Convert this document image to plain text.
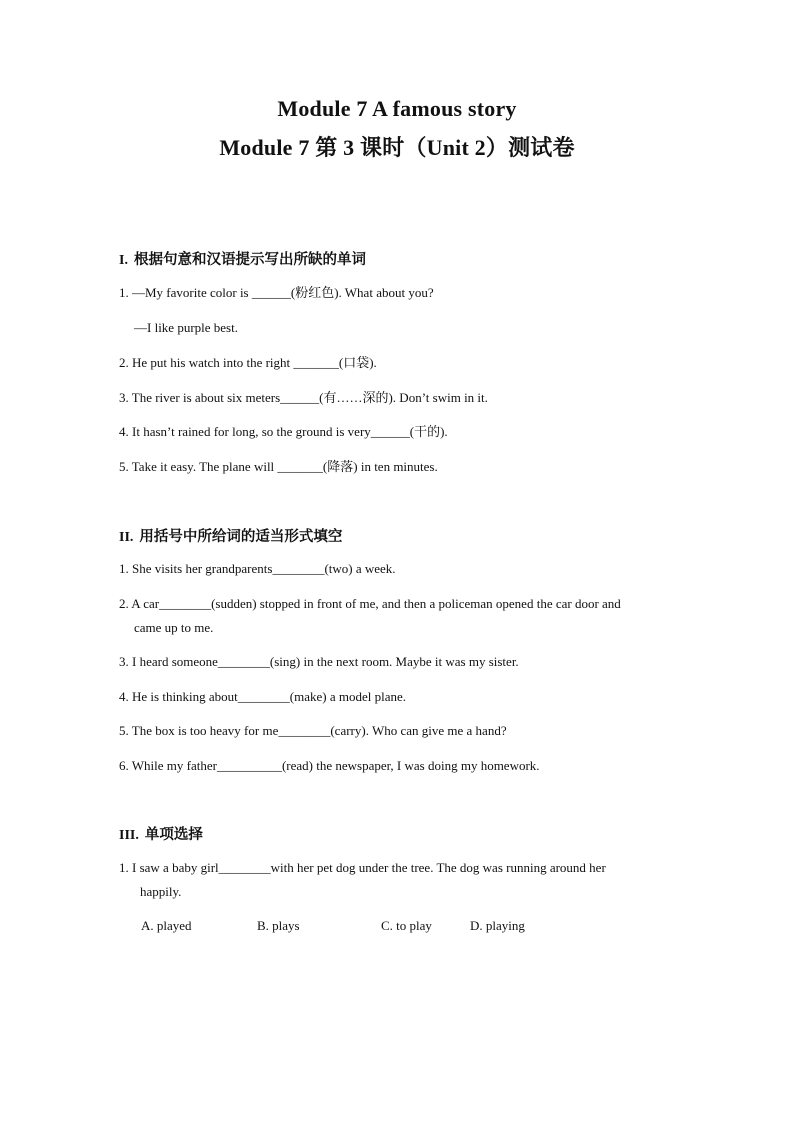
Module 7 A famous story
Module 7 第 3 课时（Unit 2）测试卷
I. 根据句意和汉语提示写出所缺的单词
1. —My favorite color is ______(粉红色). What about you?
—I like purple best.
2. He put his watch into the right _______(口袋).
3. The river is about six meters______(有……深的). Don’t swim in it.
4. It hasn’t rained for long, so the ground is very______(干的).
5. Take it easy. The plane will _______(降落) in ten minutes.
II. 用括号中所给词的适当形式填空
1. She visits her grandparents________(two) a week.
2. A car________(sudden) stopped in front of me, and then a policeman opened the car door and
came up to me.
3. I heard someone________(sing) in the next room. Maybe it was my sister.
4. He is thinking about________(make) a model plane.
5. The box is too heavy for me________(carry). Who can give me a hand?
6. While my father__________(read) the newspaper, I was doing my homework.
III. 单项选择
1. I saw a baby girl________with her pet dog under the tree. The dog was running around her
happily.
A. played	B. plays	C. to play	D. playing
